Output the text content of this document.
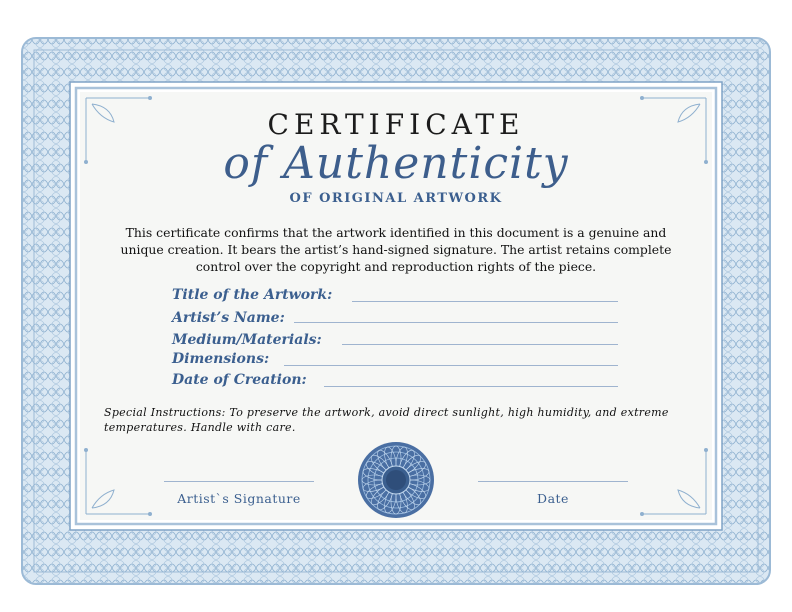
CERTIFICATE
of Authenticity
OF ORIGINAL ARTWORK
This certificate confirms that the artwork identified in this document is a genuine and
unique creation. It bears the artist’s hand-signed signature. The artist retains complete
control over the copyright and reproduction rights of the piece.
Title of the Artwork:
Artist’s Name:
Medium/Materials:
Dimensions:
Date of Creation:
Special Instructions: To preserve the artwork, avoid direct sunlight, high humidity, and extreme
temperatures. Handle with care.
Artist`s Signature	Date
